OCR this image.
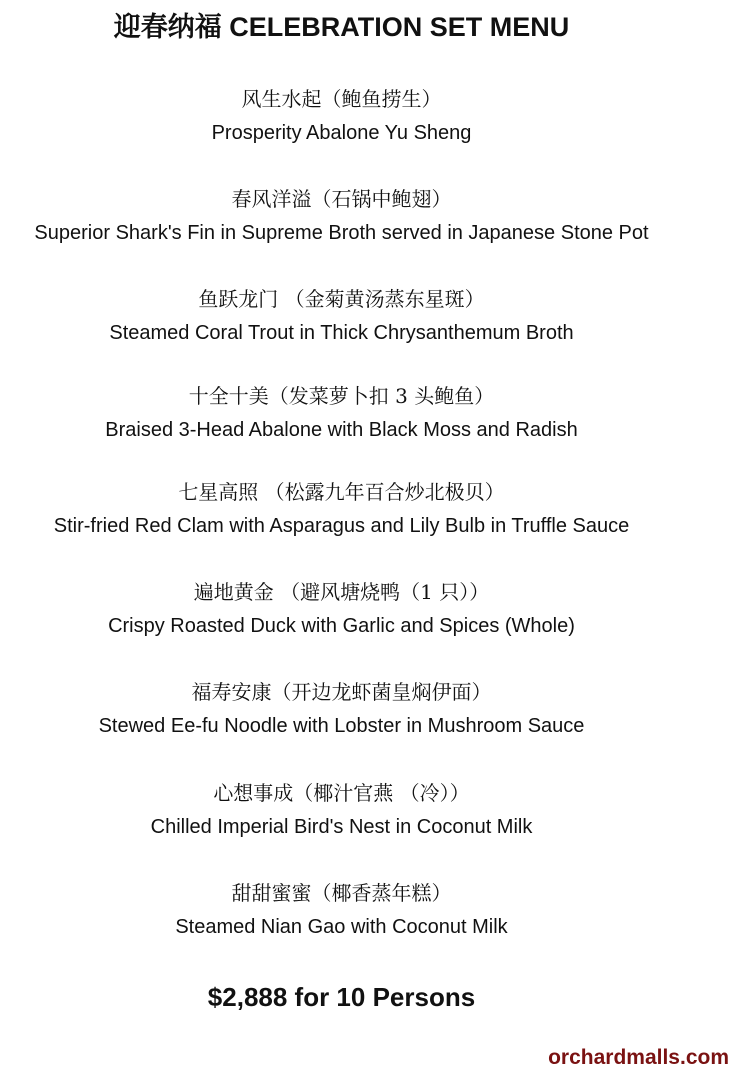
迎春纳福 CELEBRATION SET MENU
风生水起（鲍鱼捞生）
Prosperity Abalone Yu Sheng
春风洋溢（石锅中鲍翅）
Superior Shark's Fin in Supreme Broth served in Japanese Stone Pot
鱼跃龙门 （金菊黄汤蒸东星斑）
Steamed Coral Trout in Thick Chrysanthemum Broth
十全十美（发菜萝卜扣 3 头鲍鱼）
Braised 3-Head Abalone with Black Moss and Radish
七星高照 （松露九年百合炒北极贝）
Stir-fried Red Clam with Asparagus and Lily Bulb in Truffle Sauce
遍地黄金 （避风塘烧鸭（1 只））
Crispy Roasted Duck with Garlic and Spices (Whole)
福寿安康（开边龙虾菌皇焖伊面）
Stewed Ee-fu Noodle with Lobster in Mushroom Sauce
心想事成（椰汁官燕 （冷））
Chilled Imperial Bird's Nest in Coconut Milk
甜甜蜜蜜（椰香蒸年糕）
Steamed Nian Gao with Coconut Milk
$2,888 for 10 Persons
orchardmalls.com
